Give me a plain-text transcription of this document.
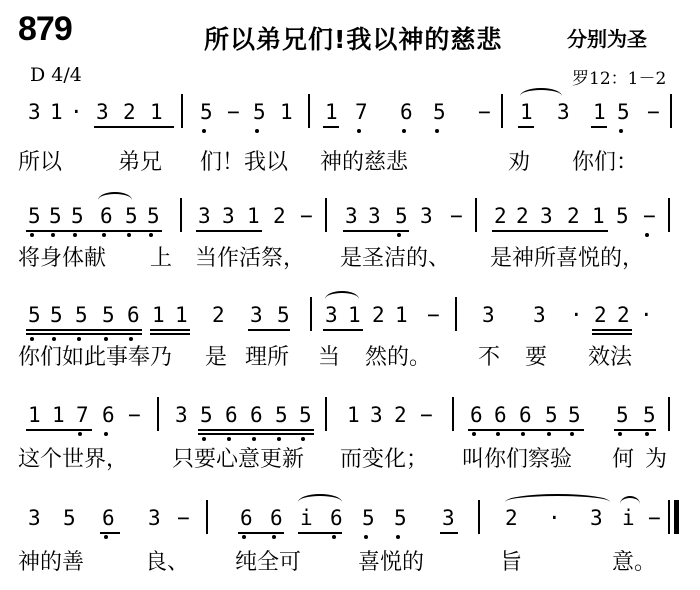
879	所以弟兄们!我以神的慈悲	分别为圣
D 4/4	罗12：1－2
3 1 · 3 2 1 5 − 5 1 1 7 6 5 − 1 3 1 5 −
所以	弟兄 们！我以 神的慈悲	劝 你们：
5 5 5 6 5 5 3 3 1 2 − 3 3 5 3 − 2 2 3 2 1 5 −
将身体献 上 当作活祭， 是圣洁的、 是神所喜悦的，
5 5 5 5 6 1 1 2 3 5 3 1 2 1 − 3 3 · 2 2 ·
你们如此事奉乃 是 理所 当 然的。 不 要 效法
1 1 7 6 − 3 5 6 6 5 5 1 3 2 − 6 6 6 5 5 5 5
这个世界， 只要心意更新 而变化； 叫你们察验 何 为
3 5 6 3 − 6 6 i 6 5 5 3 2 · 3 i −
神的善	良、 纯全可	喜悦的	旨	意。
